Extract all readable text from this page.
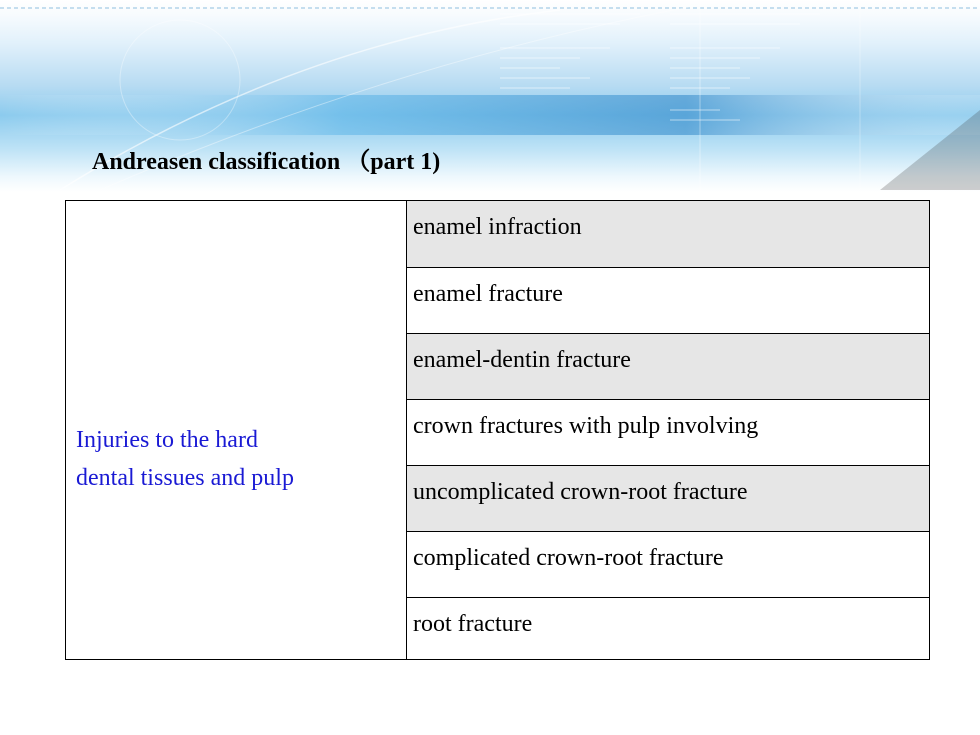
Andreasen classification （part 1)
Injuries to the hard
dental tissues and pulp
enamel infraction
enamel fracture
enamel-dentin fracture
crown fractures with pulp involving
uncomplicated crown-root fracture
complicated crown-root fracture
root fracture
